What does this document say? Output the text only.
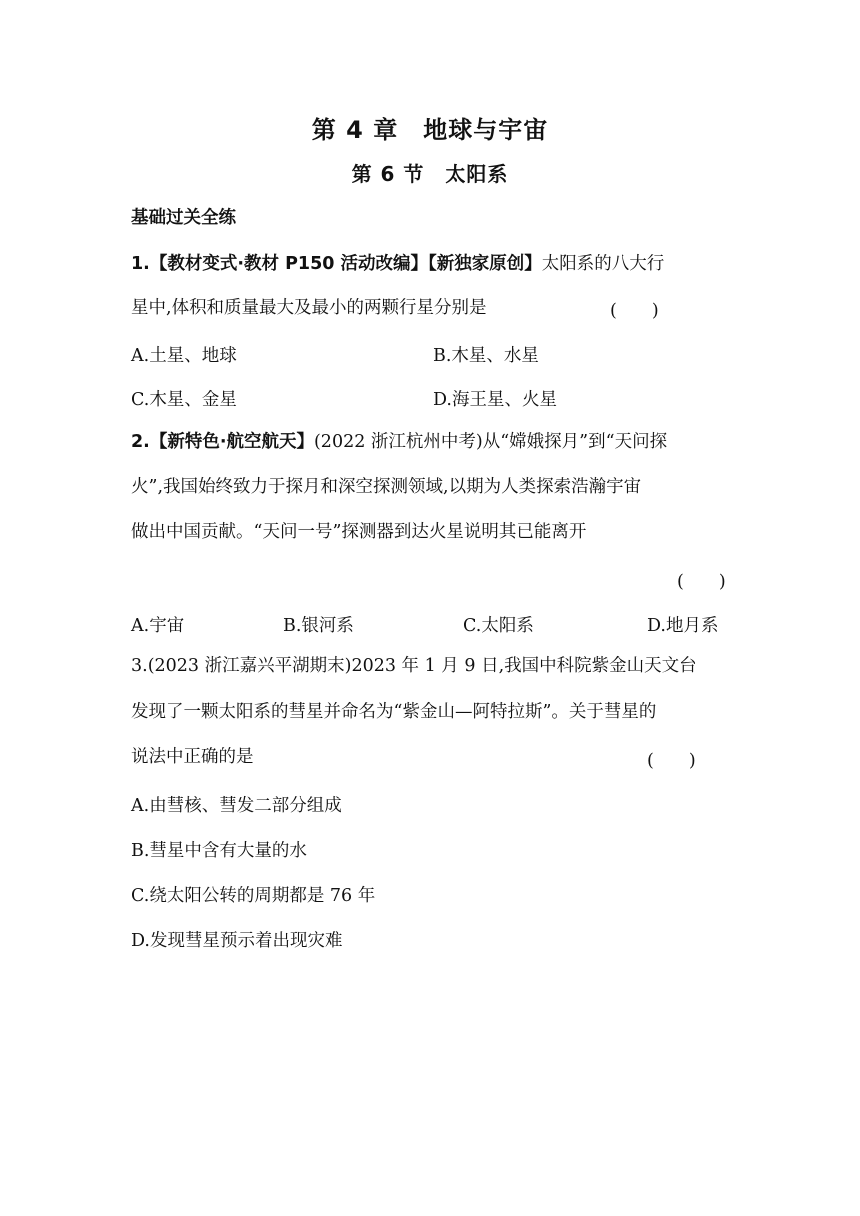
第 4 章　地球与宇宙
第 6 节　太阳系
基础过关全练
1.【教材变式·教材 P150 活动改编】【新独家原创】太阳系的八大行
星中,体积和质量最大及最小的两颗行星分别是	(　　)
A.土星、地球	B.木星、水星
C.木星、金星	D.海王星、火星
2.【新特色·航空航天】(2022 浙江杭州中考)从“嫦娥探月”到“天问探
火”,我国始终致力于探月和深空探测领域,以期为人类探索浩瀚宇宙
做出中国贡献。“天问一号”探测器到达火星说明其已能离开
(　　)
A.宇宙	B.银河系	C.太阳系	D.地月系
3.(2023 浙江嘉兴平湖期末)2023 年 1 月 9 日,我国中科院紫金山天文台
发现了一颗太阳系的彗星并命名为“紫金山—阿特拉斯”。关于彗星的
说法中正确的是	(　　)
A.由彗核、彗发二部分组成
B.彗星中含有大量的水
C.绕太阳公转的周期都是 76 年
D.发现彗星预示着出现灾难
